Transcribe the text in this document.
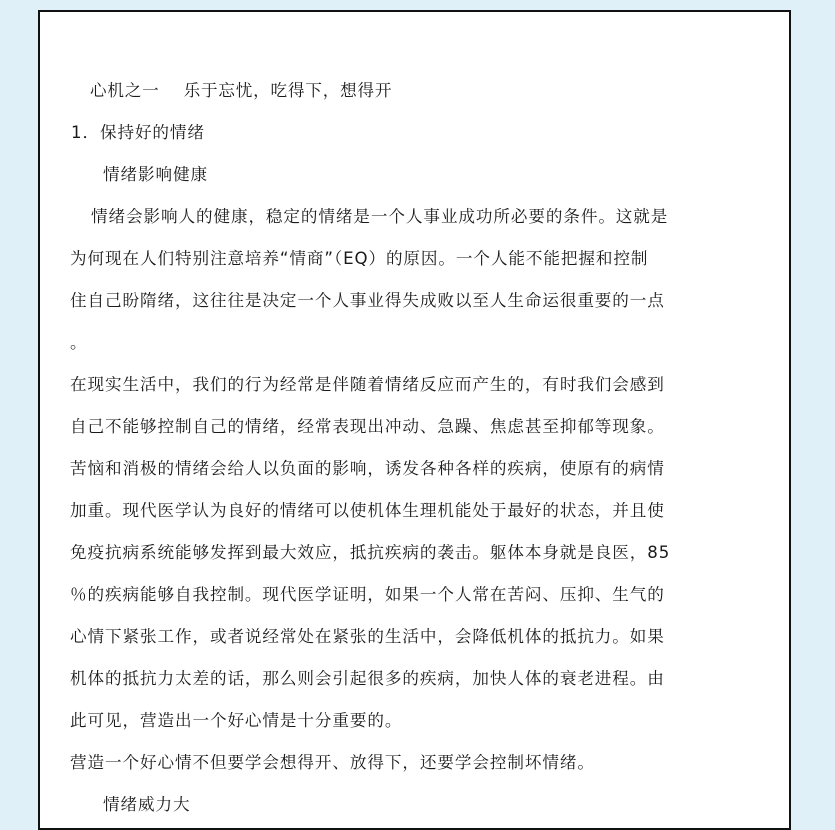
心机之一 乐于忘忧，吃得下，想得开
1．保持好的情绪
情绪影响健康
情绪会影响人的健康，稳定的情绪是一个人事业成功所必要的条件。这就是
为何现在人们特别注意培养“情商”（EQ）的原因。一个人能不能把握和控制
住自己盼隋绪，这往往是决定一个人事业得失成败以至人生命运很重要的一点
。
在现实生活中，我们的行为经常是伴随着情绪反应而产生的，有时我们会感到
自己不能够控制自己的情绪，经常表现出冲动、急躁、焦虑甚至抑郁等现象。
苦恼和消极的情绪会给人以负面的影响，诱发各种各样的疾病，使原有的病情
加重。现代医学认为良好的情绪可以使机体生理机能处于最好的状态，并且使
免疫抗病系统能够发挥到最大效应，抵抗疾病的袭击。躯体本身就是良医，85
％的疾病能够自我控制。现代医学证明，如果一个人常在苦闷、压抑、生气的
心情下紧张工作，或者说经常处在紧张的生活中，会降低机体的抵抗力。如果
机体的抵抗力太差的话，那么则会引起很多的疾病，加快人体的衰老进程。由
此可见，营造出一个好心情是十分重要的。
营造一个好心情不但要学会想得开、放得下，还要学会控制坏情绪。
情绪威力大
